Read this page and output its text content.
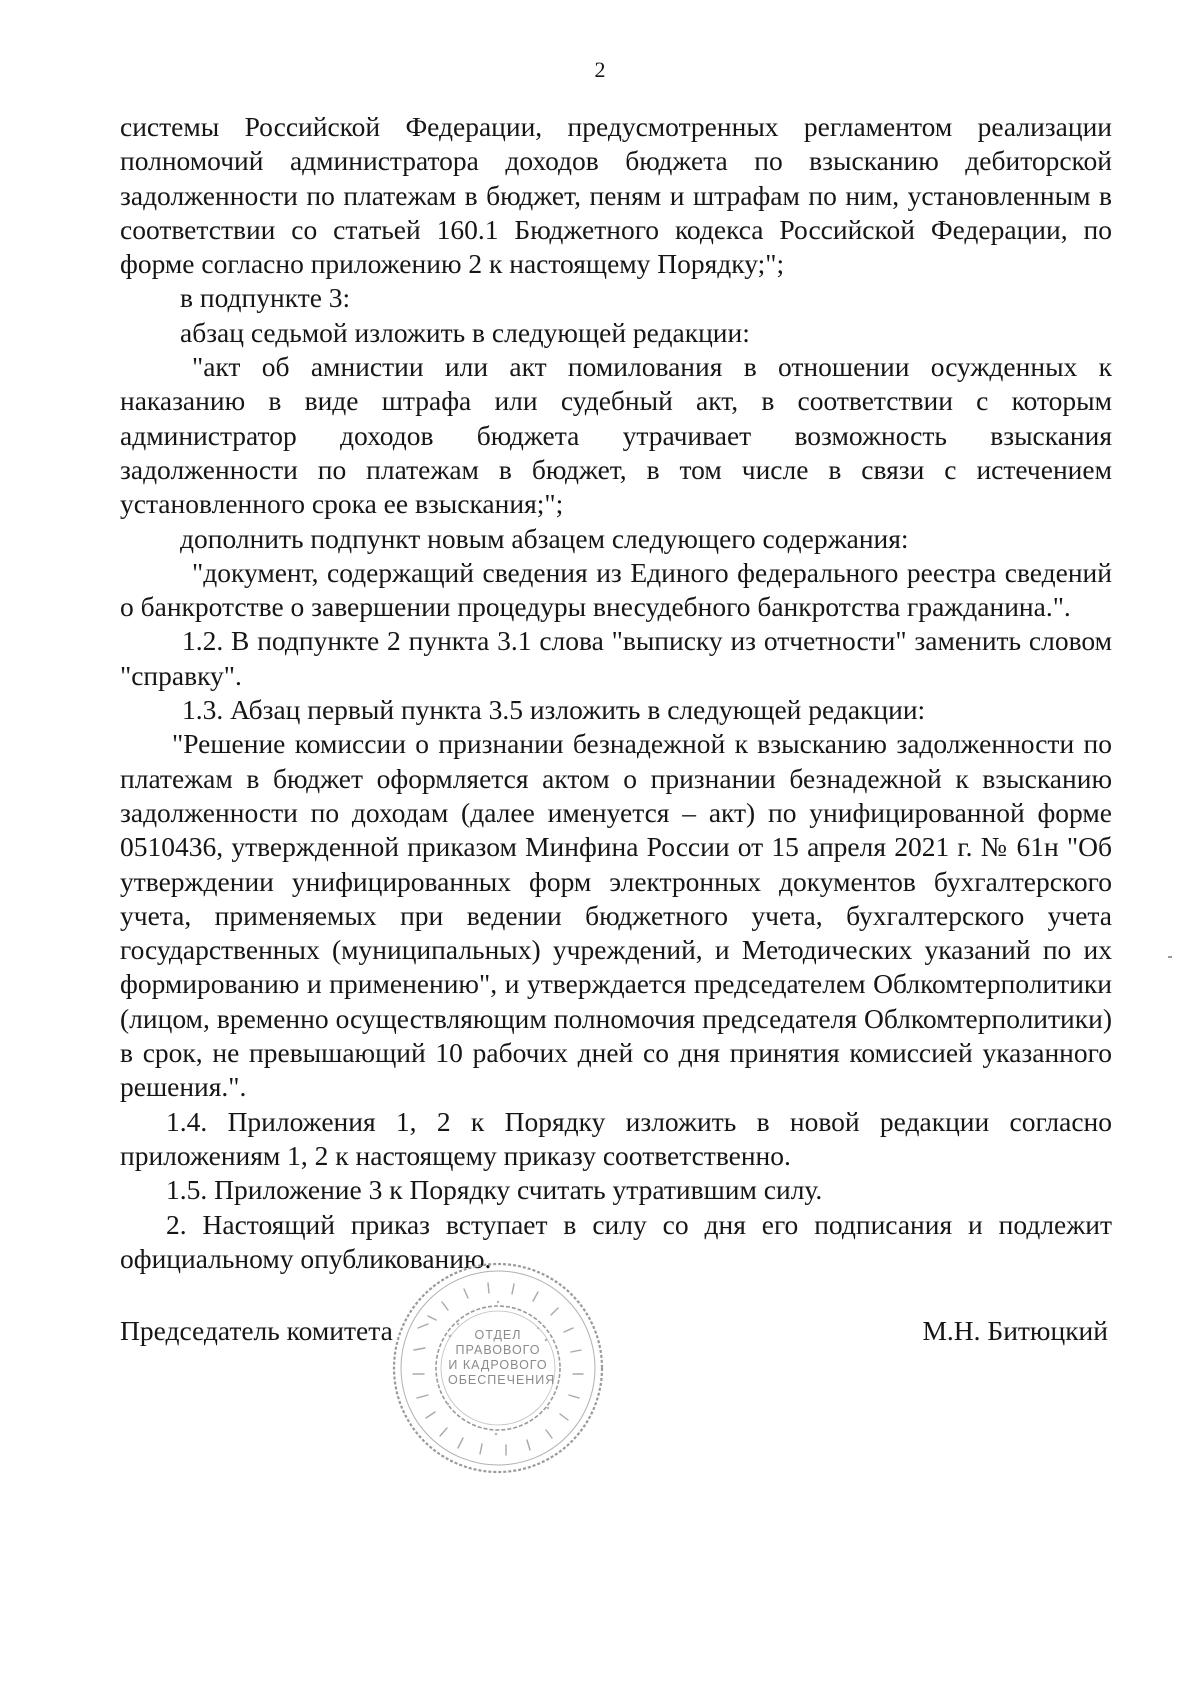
2

системы Российской Федерации, предусмотренных регламентом реализации полномочий администратора доходов бюджета по взысканию дебиторской задолженности по платежам в бюджет, пеням и штрафам по ним, установленным в соответствии со статьей 160.1 Бюджетного кодекса Российской Федерации, по форме согласно приложению 2 к настоящему Порядку;";

в подпункте 3:

абзац седьмой изложить в следующей редакции:

"акт об амнистии или акт помилования в отношении осужденных к наказанию в виде штрафа или судебный акт, в соответствии с которым администратор доходов бюджета утрачивает возможность взыскания задолженности по платежам в бюджет, в том числе в связи с истечением установленного срока ее взыскания;";

дополнить подпункт новым абзацем следующего содержания:

"документ, содержащий сведения из Единого федерального реестра сведений о банкротстве о завершении процедуры внесудебного банкротства гражданина.".

1.2. В подпункте 2 пункта 3.1 слова "выписку из отчетности" заменить словом "справку".

1.3. Абзац первый пункта 3.5 изложить в следующей редакции:

"Решение комиссии о признании безнадежной к взысканию задолженности по платежам в бюджет оформляется актом о признании безнадежной к взысканию задолженности по доходам (далее именуется – акт) по унифицированной форме 0510436, утвержденной приказом Минфина России от 15 апреля 2021 г. № 61н "Об утверждении унифицированных форм электронных документов бухгалтерского учета, применяемых при ведении бюджетного учета, бухгалтерского учета государственных (муниципальных) учреждений, и Методических указаний по их формированию и применению", и утверждается председателем Облкомтерполитики (лицом, временно осуществляющим полномочия председателя Облкомтерполитики) в срок, не превышающий 10 рабочих дней со дня принятия комиссией указанного решения.".

1.4. Приложения 1, 2 к Порядку изложить в новой редакции согласно приложениям 1, 2 к настоящему приказу соответственно.

1.5. Приложение 3 к Порядку считать утратившим силу.

2. Настоящий приказ вступает в силу со дня его подписания и подлежит официальному опубликованию.

Председатель комитета	М.Н. Битюцкий
ОТДЕЛ
ПРАВОВОГО
И КАДРОВОГО
ОБЕСПЕЧЕНИЯ
